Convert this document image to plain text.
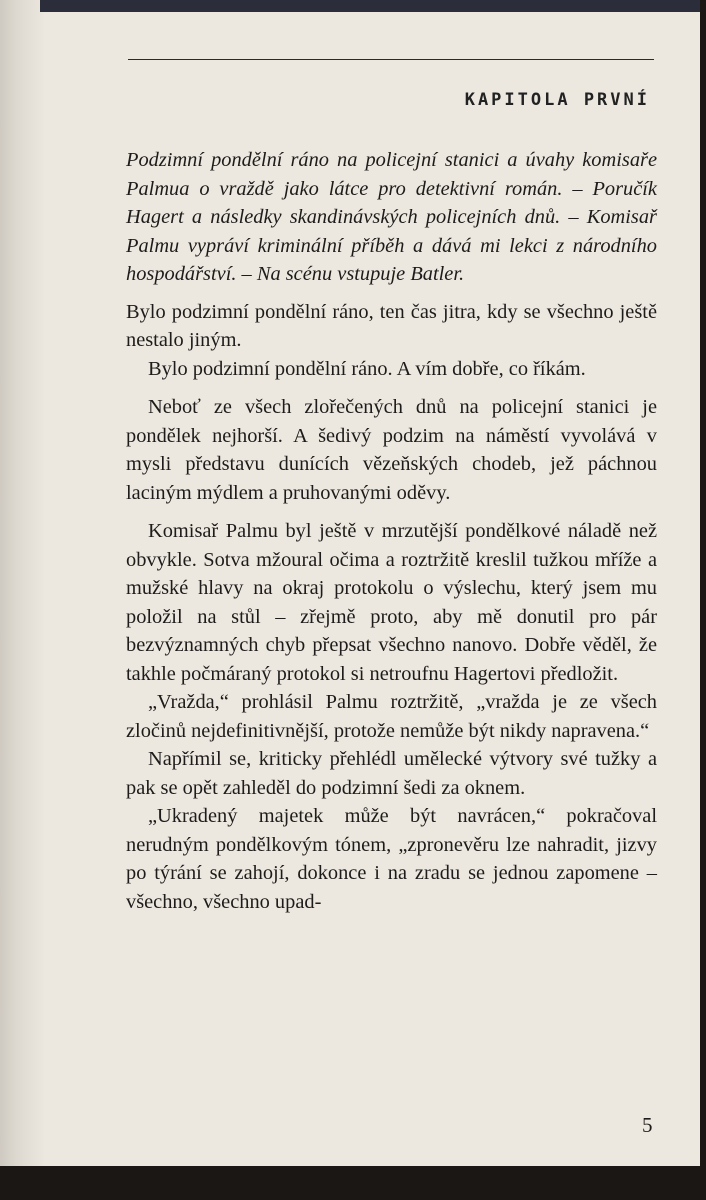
KAPITOLA PRVNÍ

Podzimní pondělní ráno na policejní stanici a úvahy komisaře Palmua o vraždě jako látce pro detektivní román. – Poručík Hagert a následky skandinávských policejních dnů. – Komisař Palmu vypráví kriminální příběh a dává mi lekci z národního hospodářství. – Na scénu vstupuje Batler.

Bylo podzimní pondělní ráno, ten čas jitra, kdy se všechno ještě nestalo jiným.

Bylo podzimní pondělní ráno. A vím dobře, co říkám.

Neboť ze všech zlořečených dnů na policejní stanici je pondělek nejhorší. A šedivý podzim na náměstí vyvolává v mysli představu dunících vězeňských chodeb, jež páchnou laciným mýdlem a pruhovanými oděvy.

Komisař Palmu byl ještě v mrzutější pondělkové náladě než obvykle. Sotva mžoural očima a roztržitě kreslil tužkou mříže a mužské hlavy na okraj protokolu o výslechu, který jsem mu položil na stůl – zřejmě proto, aby mě donutil pro pár bezvýznamných chyb přepsat všechno nanovo. Dobře věděl, že takhle počmáraný protokol si netroufnu Hagertovi předložit.

„Vražda,“ prohlásil Palmu roztržitě, „vražda je ze všech zločinů nejdefinitivnější, protože nemůže být nikdy napravena.“

Napřímil se, kriticky přehlédl umělecké výtvory své tužky a pak se opět zahleděl do podzimní šedi za oknem.

„Ukradený majetek může být navrácen,“ pokračoval nerudným pondělkovým tónem, „zpronevěru lze nahradit, jizvy po týrání se zahojí, dokonce i na zradu se jednou zapomene – všechno, všechno upad-

5
